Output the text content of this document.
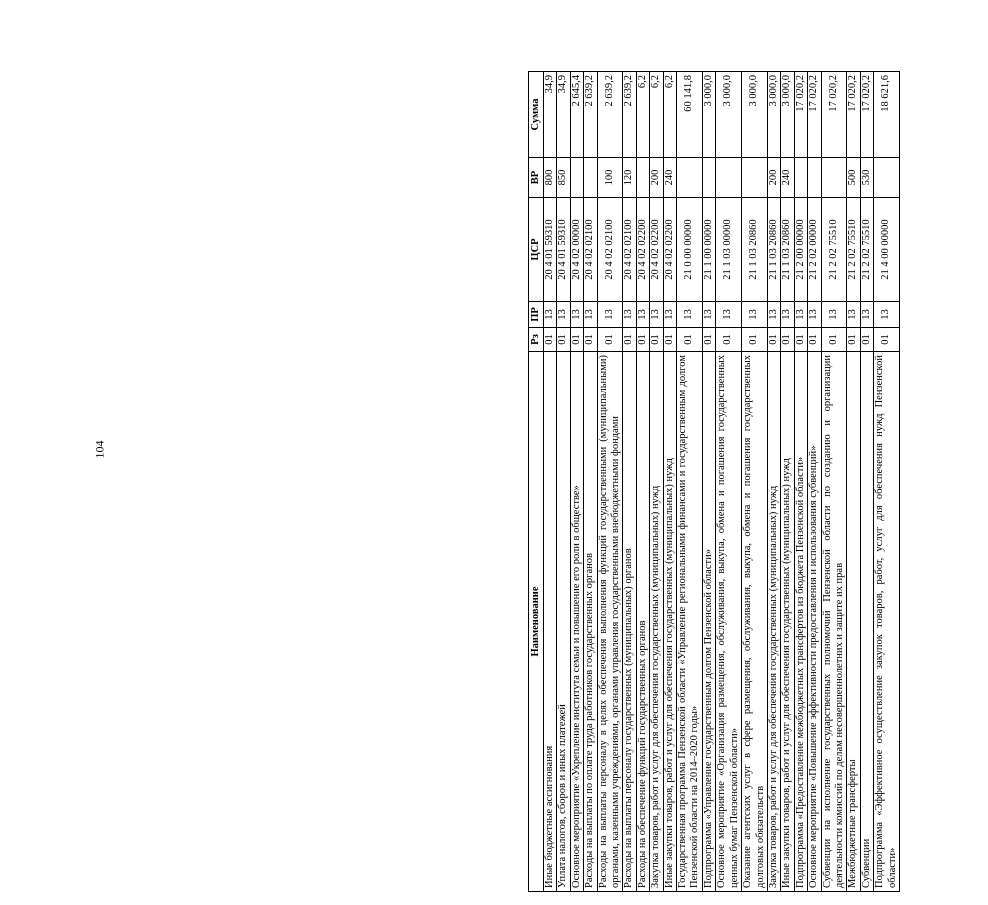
104
Наименование	Рз	ПР	ЦСР	ВР	Сумма
Иные бюджетные ассигнования	01	13	20 4 01 59310	800	34,9
Уплата налогов, сборов и иных платежей	01	13	20 4 01 59310	850	34,9
Основное мероприятие «Укрепление института семьи и повышение его роли в обществе»	01	13	20 4 02 00000		2 645,4
Расходы на выплаты по оплате труда работников государственных органов	01	13	20 4 02 02100		2 639,2
Расходы на выплаты персоналу в целях обеспечения выполнения функций государственными (муниципальными) органами, казенными учреждениями, органами управления государственными внебюджетными фондами	01	13	20 4 02 02100	100	2 639,2
Расходы на выплаты персоналу государственных (муниципальных) органов	01	13	20 4 02 02100	120	2 639,2
Расходы на обеспечение функций государственных органов	01	13	20 4 02 02200		6,2
Закупка товаров, работ и услуг для обеспечения государственных (муниципальных) нужд	01	13	20 4 02 02200	200	6,2
Иные закупки товаров, работ и услуг для обеспечения государственных (муниципальных) нужд	01	13	20 4 02 02200	240	6,2
Государственная программа Пензенской области «Управление региональными финансами и государственным долгом Пензенской области на 2014–2020 годы»	01	13	21 0 00 00000		60 141,8
Подпрограмма «Управление государственным долгом Пензенской области»	01	13	21 1 00 00000		3 000,0
Основное мероприятие «Организация размещения, обслуживания, выкупа, обмена и погашения государственных ценных бумаг Пензенской области»	01	13	21 1 03 00000		3 000,0
Оказание агентских услуг в сфере размещения, обслуживания, выкупа, обмена и погашения государственных долговых обязательств	01	13	21 1 03 20860		3 000,0
Закупка товаров, работ и услуг для обеспечения государственных (муниципальных) нужд	01	13	21 1 03 20860	200	3 000,0
Иные закупки товаров, работ и услуг для обеспечения государственных (муниципальных) нужд	01	13	21 1 03 20860	240	3 000,0
Подпрограмма «Предоставление межбюджетных трансфертов из бюджета Пензенской области»	01	13	21 2 00 00000		17 020,2
Основное мероприятие «Повышение эффективности предоставления и использования субвенций»	01	13	21 2 02 00000		17 020,2
Субвенции на исполнение государственных полномочий Пензенской области по созданию и организации деятельности комиссий по делам несовершеннолетних и защите их прав	01	13	21 2 02 75510		17 020,2
Межбюджетные трансферты	01	13	21 2 02 75510	500	17 020,2
Субвенции	01	13	21 2 02 75510	530	17 020,2
Подпрограмма «Эффективное осуществление закупок товаров, работ, услуг для обеспечения нужд Пензенской области»	01	13	21 4 00 00000		18 621,6
